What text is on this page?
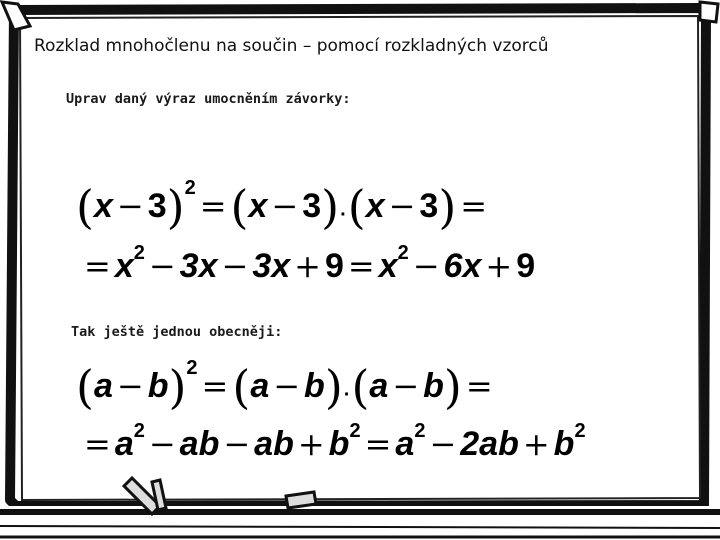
Rozklad mnohočlenu na součin – pomocí rozkladných vzorců
Uprav daný výraz umocněním závorky:
$(x - 3)^2 =(x - 3)\cdot(x - 3)$ =
= $x^2 - 3x - 3x + 9 = x^2 - 6x + 9$
Tak ještě jednou obecněji:
$(a - b)^2 =(a - b)\cdot(a - b)$ =
= $a^2$ − ab − ab + $b^2 = a^2 - 2ab + b^2$
